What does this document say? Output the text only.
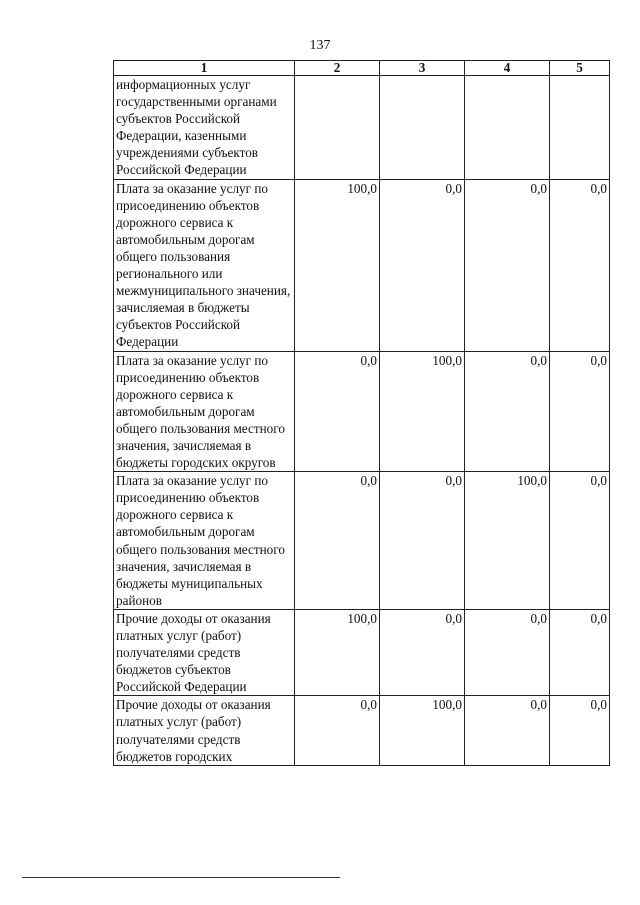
137
1	2	3	4	5
информационных услуг государственными органами субъектов Российской Федерации, казенными учреждениями субъектов Российской Федерации				
Плата за оказание услуг по присоединению объектов дорожного сервиса к автомобильным дорогам общего пользования регионального или межмуниципального значения, зачисляемая в бюджеты субъектов Российской Федерации	100,0	0,0	0,0	0,0
Плата за оказание услуг по присоединению объектов дорожного сервиса к автомобильным дорогам общего пользования местного значения, зачисляемая в бюджеты городских округов	0,0	100,0	0,0	0,0
Плата за оказание услуг по присоединению объектов дорожного сервиса к автомобильным дорогам общего пользования местного значения, зачисляемая в бюджеты муниципальных районов	0,0	0,0	100,0	0,0
Прочие доходы от оказания платных услуг (работ) получателями средств бюджетов субъектов Российской Федерации	100,0	0,0	0,0	0,0
Прочие доходы от оказания платных услуг (работ) получателями средств бюджетов городских	0,0	100,0	0,0	0,0
